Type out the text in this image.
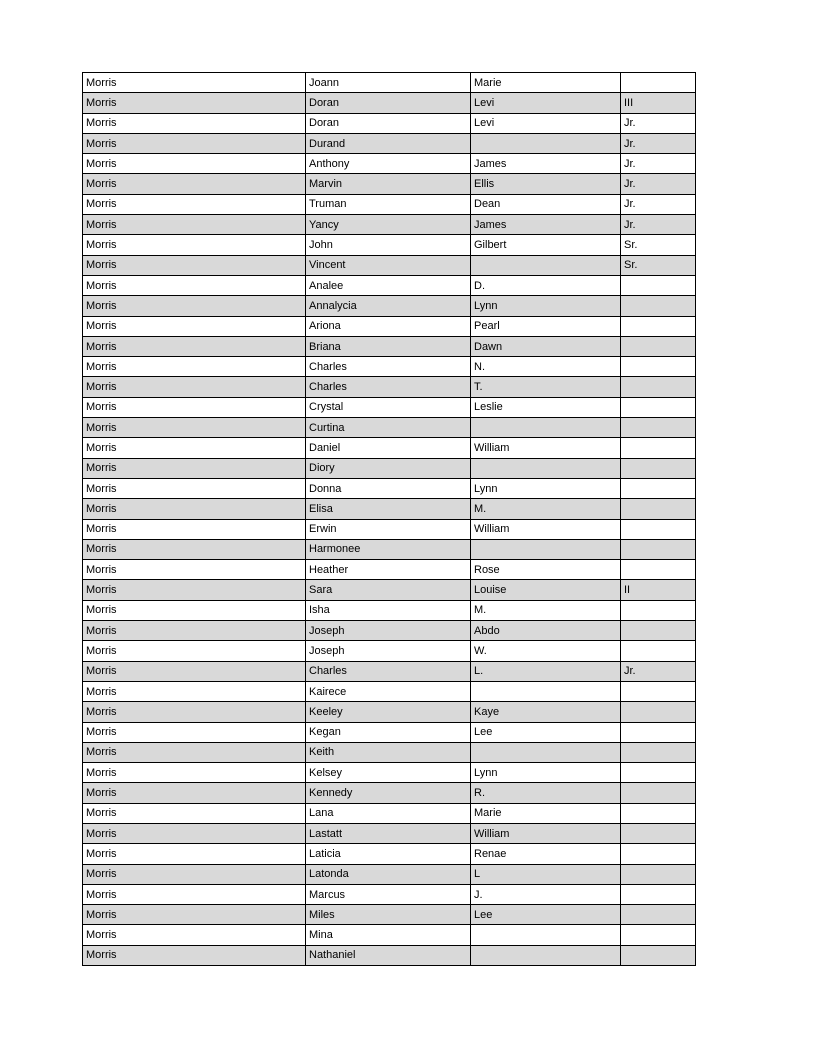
Morris	Joann	Marie	
Morris	Doran	Levi	III
Morris	Doran	Levi	Jr.
Morris	Durand		Jr.
Morris	Anthony	James	Jr.
Morris	Marvin	Ellis	Jr.
Morris	Truman	Dean	Jr.
Morris	Yancy	James	Jr.
Morris	John	Gilbert	Sr.
Morris	Vincent		Sr.
Morris	Analee	D.	
Morris	Annalycia	Lynn	
Morris	Ariona	Pearl	
Morris	Briana	Dawn	
Morris	Charles	N.	
Morris	Charles	T.	
Morris	Crystal	Leslie	
Morris	Curtina		
Morris	Daniel	William	
Morris	Diory		
Morris	Donna	Lynn	
Morris	Elisa	M.	
Morris	Erwin	William	
Morris	Harmonee		
Morris	Heather	Rose	
Morris	Sara	Louise	II
Morris	Isha	M.	
Morris	Joseph	Abdo	
Morris	Joseph	W.	
Morris	Charles	L.	Jr.
Morris	Kairece		
Morris	Keeley	Kaye	
Morris	Kegan	Lee	
Morris	Keith		
Morris	Kelsey	Lynn	
Morris	Kennedy	R.	
Morris	Lana	Marie	
Morris	Lastatt	William	
Morris	Laticia	Renae	
Morris	Latonda	L	
Morris	Marcus	J.	
Morris	Miles	Lee	
Morris	Mina		
Morris	Nathaniel		
